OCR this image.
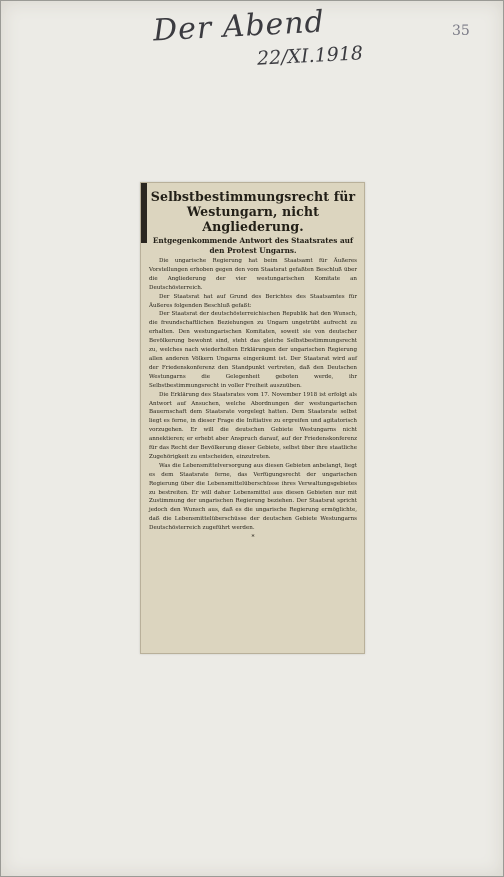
Der Abend
22/XI.1918
35
Selbstbestimmungsrecht für Westungarn, nicht Angliederung.
Entgegenkommende Antwort des Staatsrates auf den Protest Ungarns.

Die ungarische Regierung hat beim Staatsamt für Äußeres Vorstellungen erhoben gegen den vom Staatsrat gefaßten Beschluß über die Angliederung der vier westungarischen Komitate an Deutschösterreich.

Der Staatsrat hat auf Grund des Berichtes des Staatsamtes für Äußeres folgenden Beschluß gefaßt:

Der Staatsrat der deutschösterreichischen Republik hat den Wunsch, die freundschaftlichen Beziehungen zu Ungarn ungetrübt aufrecht zu erhalten. Den westungarischen Komitaten, soweit sie von deutscher Bevölkerung bewohnt sind, steht das gleiche Selbstbestimmungsrecht zu, welches nach wiederholten Erklärungen der ungarischen Regierung allen anderen Völkern Ungarns eingeräumt ist. Der Staatsrat wird auf der Friedenskonferenz den Standpunkt vertreten, daß den Deutschen Westungarns die Gelegenheit geboten werde, ihr Selbstbestimmungsrecht in voller Freiheit auszuüben.

Die Erklärung des Staatsrates vom 17. November 1918 ist erfolgt als Antwort auf Ansuchen, welche Abordnungen der westungarischen Bauernschaft dem Staatsrate vorgelegt hatten. Dem Staatsrate selbst liegt es ferne, in dieser Frage die Initiative zu ergreifen und agitatorisch vorzugehen. Er will die deutschen Gebiete Westungarns nicht annektieren; er erhebt aber Anspruch darauf, auf der Friedenskonferenz für das Recht der Bevölkerung dieser Gebiete, selbst über ihre staatliche Zugehörigkeit zu entscheiden, einzutreten.

Was die Lebensmittelversorgung aus diesen Gebieten anbelangt, liegt es dem Staatsrate ferne, das Verfügungsrecht der ungarischen Regierung über die Lebensmittelüberschüsse ihres Verwaltungsgebietes zu bestreiten. Er will daher Lebensmittel aus diesen Gebieten nur mit Zustimmung der ungarischen Regierung beziehen. Der Staatsrat spricht jedoch den Wunsch aus, daß es die ungarische Regierung ermöglichte, daß die Lebensmittelüberschüsse der deutschen Gebiete Westungarns Deutschösterreich zugeführt werden.

*
